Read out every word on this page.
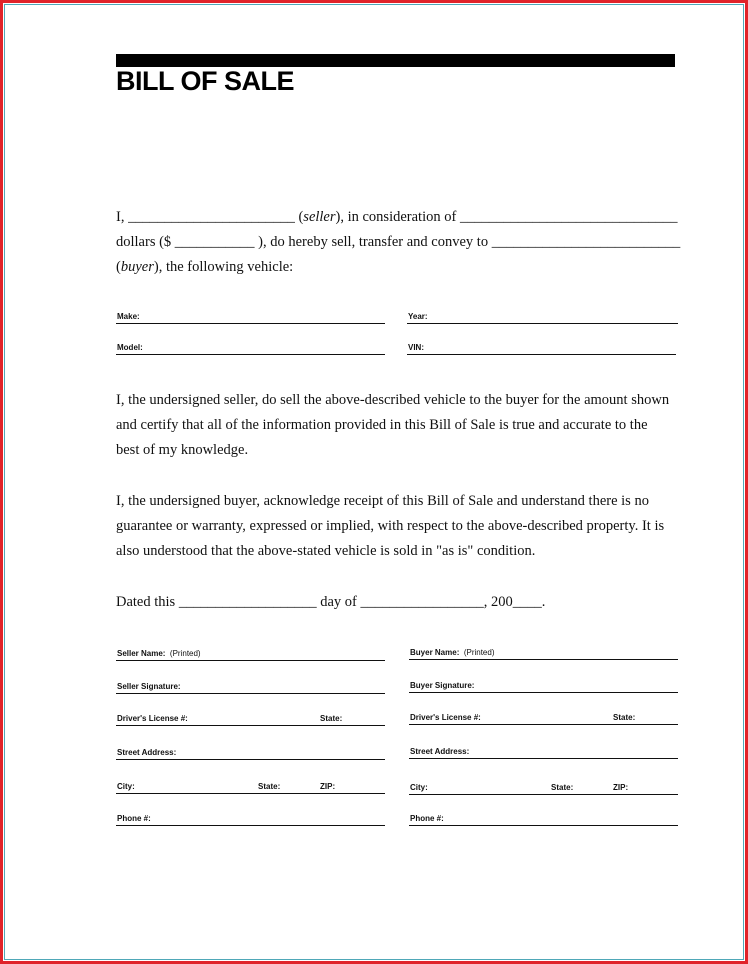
BILL OF SALE
I, _______________________ (seller), in consideration of ______________________________
dollars ($ ___________ ), do hereby sell, transfer and convey to __________________________
(buyer), the following vehicle:
Make:	Year:
Model:	VIN:
I, the undersigned seller, do sell the above-described vehicle to the buyer for the amount shown
and certify that all of the information provided in this Bill of Sale is true and accurate to the
best of my knowledge.
I, the undersigned buyer, acknowledge receipt of this Bill of Sale and understand there is no
guarantee or warranty, expressed or implied, with respect to the above-described property. It is
also understood that the above-stated vehicle is sold in "as is" condition.
Dated this ___________________ day of _________________, 200____.
Seller Name: (Printed)
Seller Signature:
Driver's License #:	State:
Street Address:
City:	State:	ZIP:
Phone #:
Buyer Name: (Printed)
Buyer Signature:
Driver's License #:	State:
Street Address:
City:	State:	ZIP:
Phone #:
